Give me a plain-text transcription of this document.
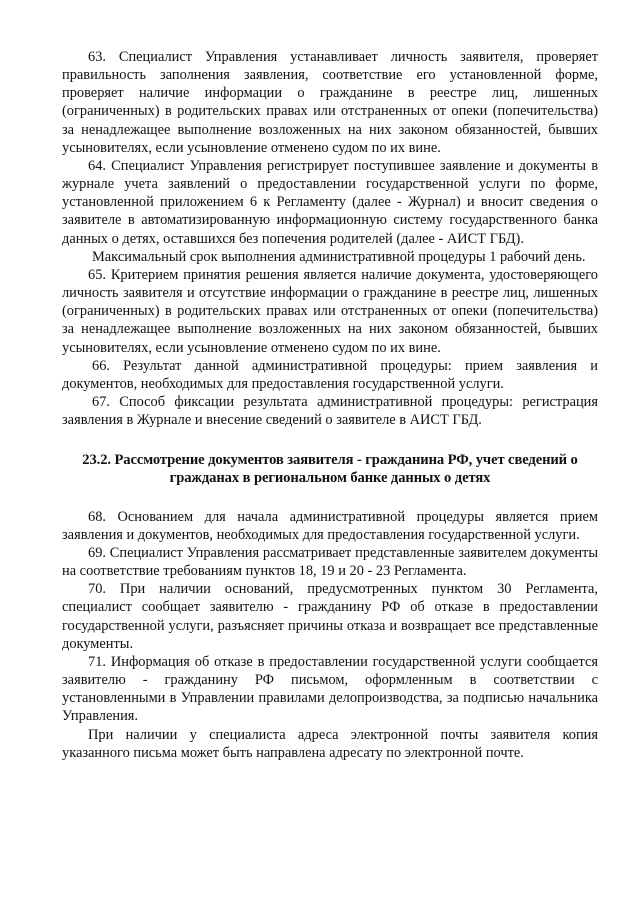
63. Специалист Управления устанавливает личность заявителя, проверяет правильность заполнения заявления, соответствие его установленной форме, проверяет наличие информации о гражданине в реестре лиц, лишенных (ограниченных) в родительских правах или отстраненных от опеки (попечительства) за ненадлежащее выполнение возложенных на них законом обязанностей, бывших усыновителях, если усыновление отменено судом по их вине.

64. Специалист Управления регистрирует поступившее заявление и документы в журнале учета заявлений о предоставлении государственной услуги по форме, установленной приложением 6 к Регламенту (далее - Журнал) и вносит сведения о заявителе в автоматизированную информационную систему государственного банка данных о детях, оставшихся без попечения родителей (далее - АИСТ ГБД).

Максимальный срок выполнения административной процедуры 1 рабочий день.

65. Критерием принятия решения является наличие документа, удостоверяющего личность заявителя и отсутствие информации о гражданине в реестре лиц, лишенных (ограниченных) в родительских правах или отстраненных от опеки (попечительства) за ненадлежащее выполнение возложенных на них законом обязанностей, бывших усыновителях, если усыновление отменено судом по их вине.

66. Результат данной административной процедуры: прием заявления и документов, необходимых для предоставления государственной услуги.

67. Способ фиксации результата административной процедуры: регистрация заявления в Журнале и внесение сведений о заявителе в АИСТ ГБД.

23.2. Рассмотрение документов заявителя - гражданина РФ, учет сведений о гражданах в региональном банке данных о детях

68. Основанием для начала административной процедуры является прием заявления и документов, необходимых для предоставления государственной услуги.

69. Специалист Управления рассматривает представленные заявителем документы на соответствие требованиям пунктов 18, 19 и 20 - 23 Регламента.

70. При наличии оснований, предусмотренных пунктом 30 Регламента, специалист сообщает заявителю - гражданину РФ об отказе в предоставлении государственной услуги, разъясняет причины отказа и возвращает все представленные документы.

71. Информация об отказе в предоставлении государственной услуги сообщается заявителю - гражданину РФ письмом, оформленным в соответствии с установленными в Управлении правилами делопроизводства, за подписью начальника Управления.

При наличии у специалиста адреса электронной почты заявителя копия указанного письма может быть направлена адресату по электронной почте.
